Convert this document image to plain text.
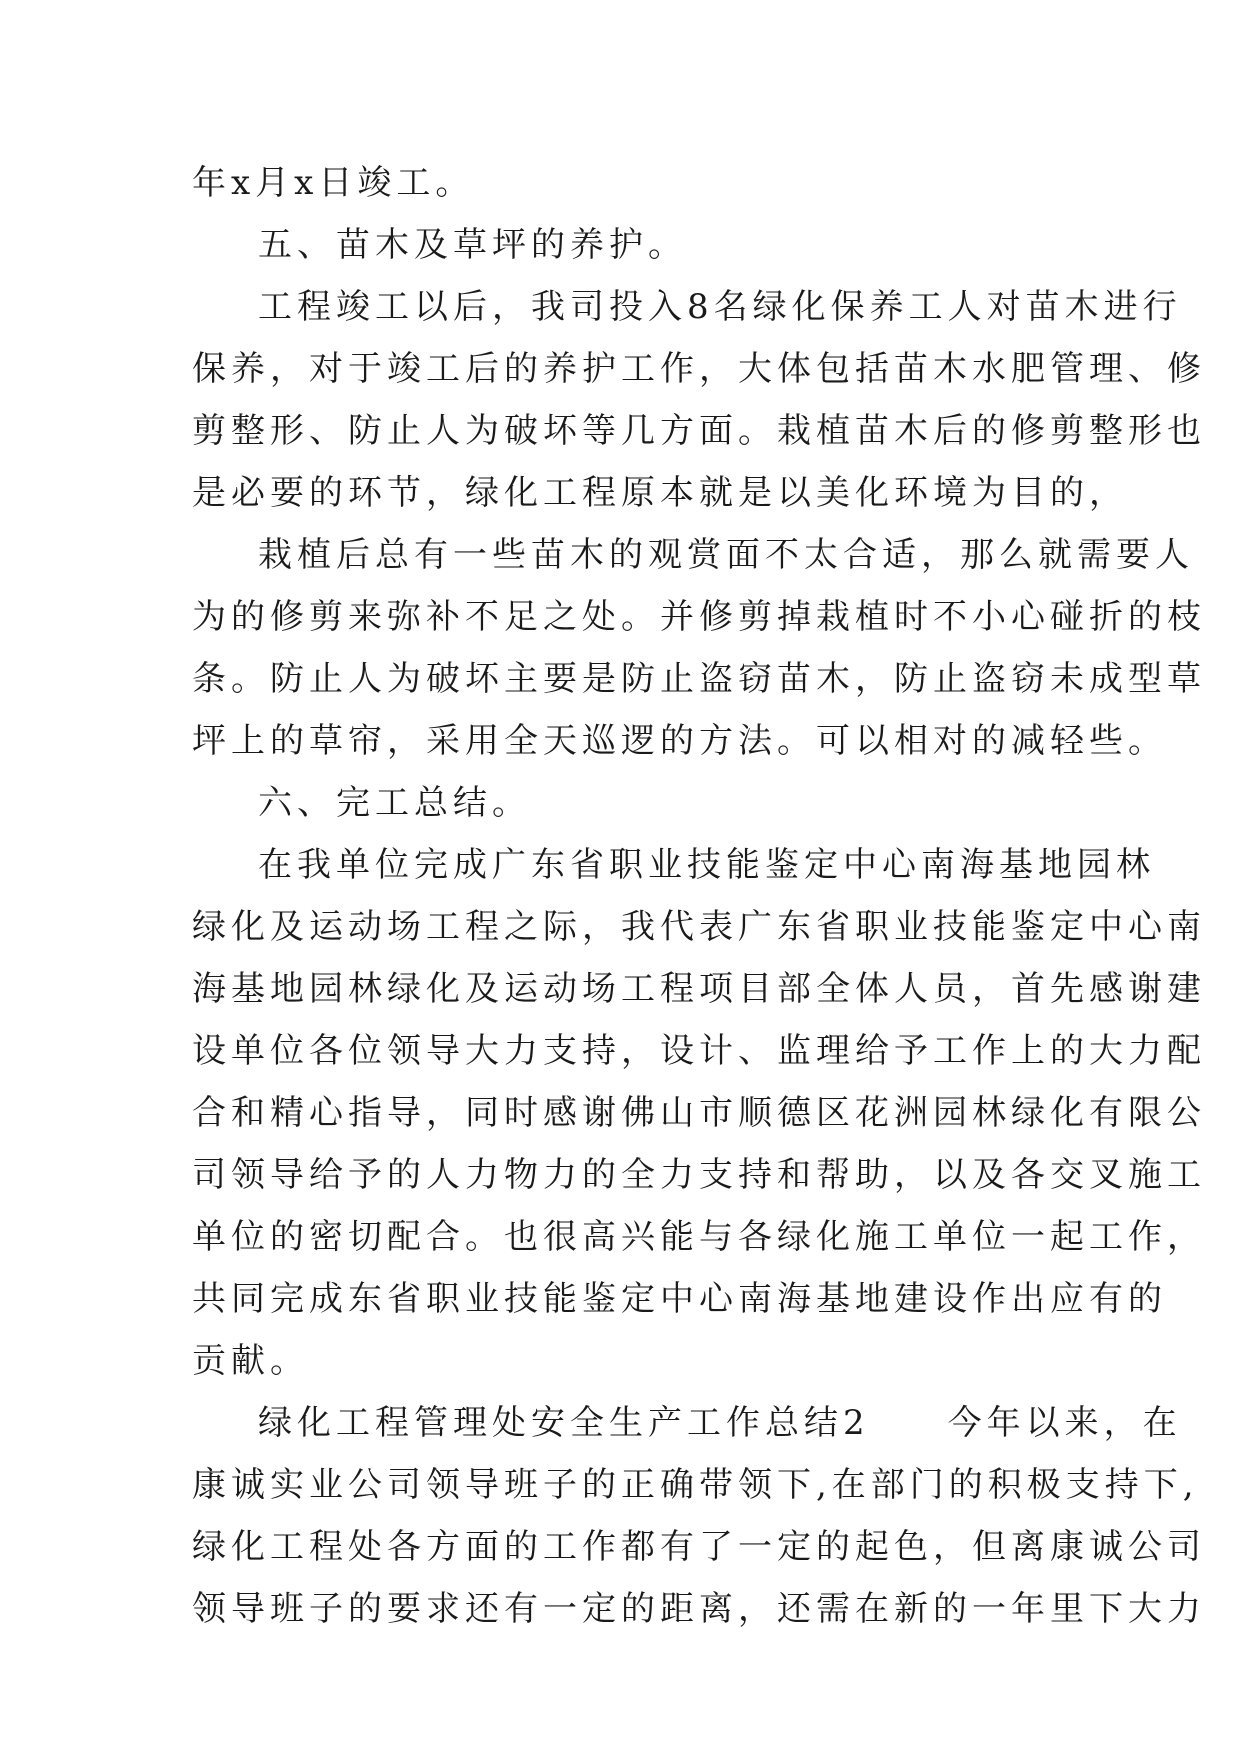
年x月x日竣工。
五、苗木及草坪的养护。
工程竣工以后，我司投入8名绿化保养工人对苗木进行
保养，对于竣工后的养护工作，大体包括苗木水肥管理、修
剪整形、防止人为破坏等几方面。栽植苗木后的修剪整形也
是必要的环节，绿化工程原本就是以美化环境为目的，
栽植后总有一些苗木的观赏面不太合适，那么就需要人
为的修剪来弥补不足之处。并修剪掉栽植时不小心碰折的枝
条。防止人为破坏主要是防止盗窃苗木，防止盗窃未成型草
坪上的草帘，采用全天巡逻的方法。可以相对的减轻些。
六、完工总结。
在我单位完成广东省职业技能鉴定中心南海基地园林
绿化及运动场工程之际，我代表广东省职业技能鉴定中心南
海基地园林绿化及运动场工程项目部全体人员，首先感谢建
设单位各位领导大力支持，设计、监理给予工作上的大力配
合和精心指导，同时感谢佛山市顺德区花洲园林绿化有限公
司领导给予的人力物力的全力支持和帮助，以及各交叉施工
单位的密切配合。也很高兴能与各绿化施工单位一起工作，
共同完成东省职业技能鉴定中心南海基地建设作出应有的
贡献。
绿化工程管理处安全生产工作总结2　　今年以来，在
康诚实业公司领导班子的正确带领下,在部门的积极支持下,
绿化工程处各方面的工作都有了一定的起色，但离康诚公司
领导班子的要求还有一定的距离，还需在新的一年里下大力
